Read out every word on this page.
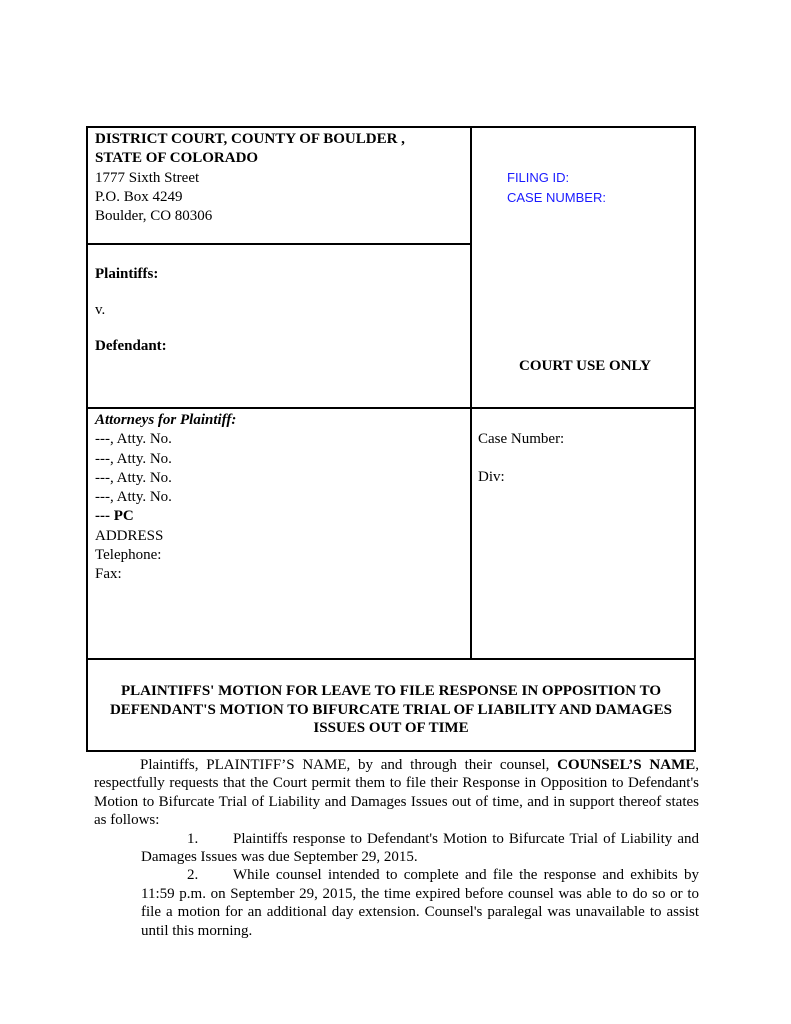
DISTRICT COURT, COUNTY OF BOULDER ,
STATE OF COLORADO
1777 Sixth Street
P.O. Box 4249
Boulder, CO 80306
FILING ID:
CASE NUMBER:
Plaintiffs:
v.
Defendant:
COURT USE ONLY
Attorneys for Plaintiff:
---, Atty. No.
---, Atty. No.
---, Atty. No.
---, Atty. No.
--- PC
ADDRESS
Telephone:
Fax:
Case Number:
Div:
PLAINTIFFS' MOTION FOR LEAVE TO FILE RESPONSE IN OPPOSITION TO
DEFENDANT'S MOTION TO BIFURCATE TRIAL OF LIABILITY AND DAMAGES
ISSUES OUT OF TIME

Plaintiffs, PLAINTIFF’S NAME, by and through their counsel, COUNSEL’S NAME, respectfully requests that the Court permit them to file their Response in Opposition to Defendant's Motion to Bifurcate Trial of Liability and Damages Issues out of time, and in support thereof states as follows:

1. Plaintiffs response to Defendant's Motion to Bifurcate Trial of Liability and Damages Issues was due September 29, 2015.

2. While counsel intended to complete and file the response and exhibits by 11:59 p.m. on September 29, 2015, the time expired before counsel was able to do so or to file a motion for an additional day extension. Counsel's paralegal was unavailable to assist until this morning.
